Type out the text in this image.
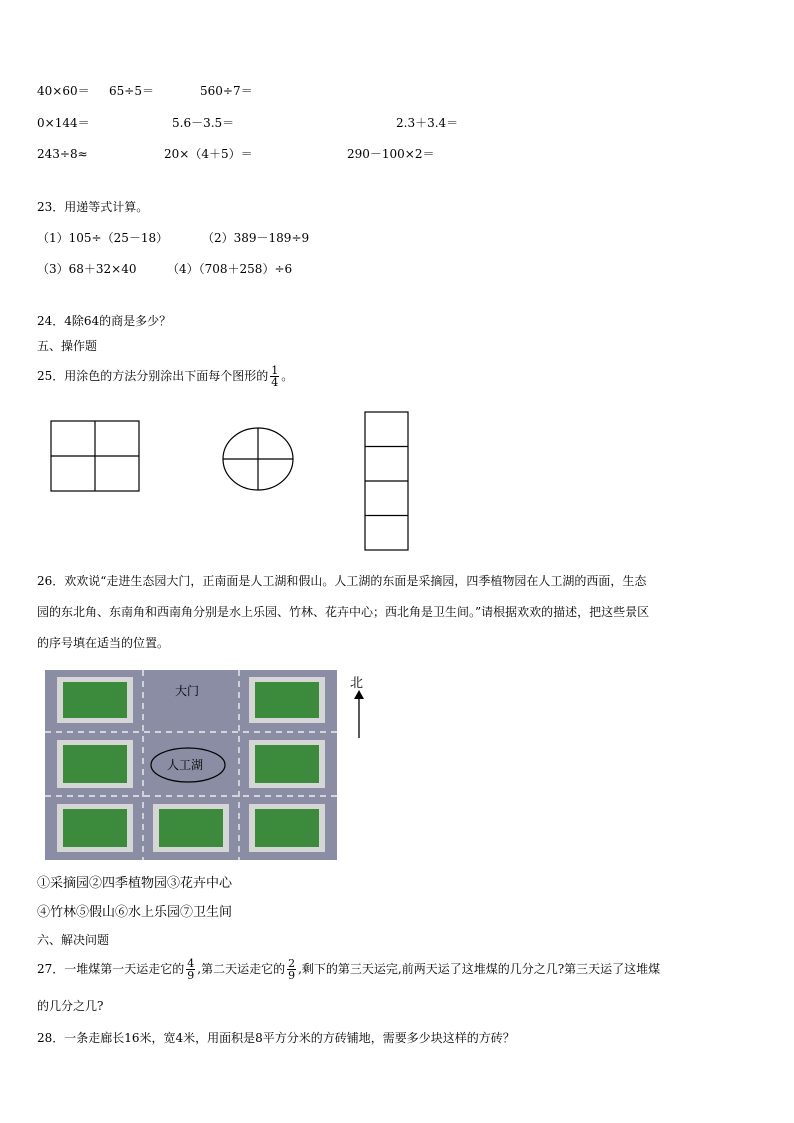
40×60＝ 65÷5＝	560÷7＝
0×144＝	5.6－3.5＝	2.3＋3.4＝
243÷8≈	20×（4＋5）＝	290－100×2＝
23．用递等式计算。
（1）105÷（25－18）	（2）389－189÷9
（3）68＋32×40	（4）（708＋258）÷6
24．4除64的商是多少？
五、操作题
25．用涂色的方法分别涂出下面每个图形的 $\frac{1}{4}$ 。
26．欢欢说“走进生态园大门，正南面是人工湖和假山。人工湖的东面是采摘园，四季植物园在人工湖的西面，生态
园的东北角、东南角和西南角分别是水上乐园、竹林、花卉中心；西北角是卫生间。”请根据欢欢的描述，把这些景区
的序号填在适当的位置。
大门
人工湖
北
①采摘园②四季植物园③花卉中心
④竹林⑤假山⑥水上乐园⑦卫生间
六、解决问题
27．一堆煤第一天运走它的 $\frac{4}{9}$ ,第二天运走它的 $\frac{2}{9}$ ,剩下的第三天运完,前两天运了这堆煤的几分之几?第三天运了这堆煤
的几分之几?
28．一条走廊长16米，宽4米，用面积是8平方分米的方砖铺地，需要多少块这样的方砖？
